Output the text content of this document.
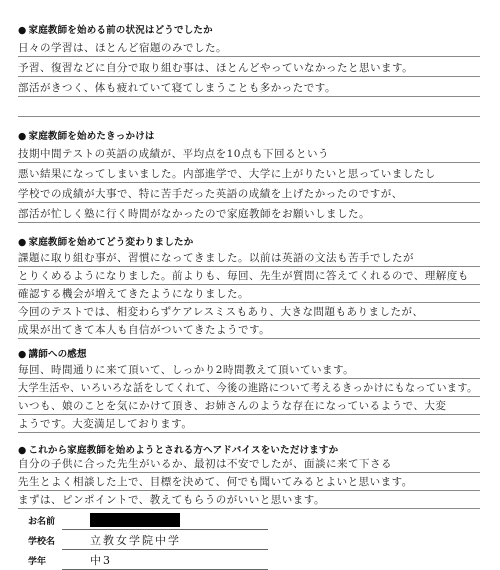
● 家庭教師を始める前の状況はどうでしたか
日々の学習は、ほとんど宿題のみでした。
予習、復習などに自分で取り組む事は、ほとんどやっていなかったと思います。
部活がきつく、体も疲れていて寝てしまうことも多かったです。
● 家庭教師を始めたきっかけは
技期中間テストの英語の成績が、平均点を10点も下回るという
悪い結果になってしまいました。内部進学で、大学に上がりたいと思っていましたし
学校での成績が大事で、特に苦手だった英語の成績を上げたかったのですが、
部活が忙しく塾に行く時間がなかったので家庭教師をお願いしました。
● 家庭教師を始めてどう変わりましたか
課題に取り組む事が、習慣になってきました。以前は英語の文法も苦手でしたが
とりくめるようになりました。前よりも、毎回、先生が質問に答えてくれるので、理解度も
確認する機会が増えてきたようになりました。
今回のテストでは、相変わらずケアレスミスもあり、大きな問題もありましたが、
成果が出てきて本人も自信がついてきたようです。
● 講師への感想
毎回、時間通りに来て頂いて、しっかり2時間教えて頂いています。
大学生活や、いろいろな話をしてくれて、今後の進路について考えるきっかけにもなっています。
いつも、娘のことを気にかけて頂き、お姉さんのような存在になっているようで、大変
ようです。大変満足しております。
● これから家庭教師を始めようとされる方へアドバイスをいただけますか
自分の子供に合った先生がいるか、最初は不安でしたが、面談に来て下さる
先生とよく相談した上で、目標を決めて、何でも聞いてみるとよいと思います。
まずは、ピンポイントで、教えてもらうのがいいと思います。
お名前
学校名	立教女学院中学
学年	中3
